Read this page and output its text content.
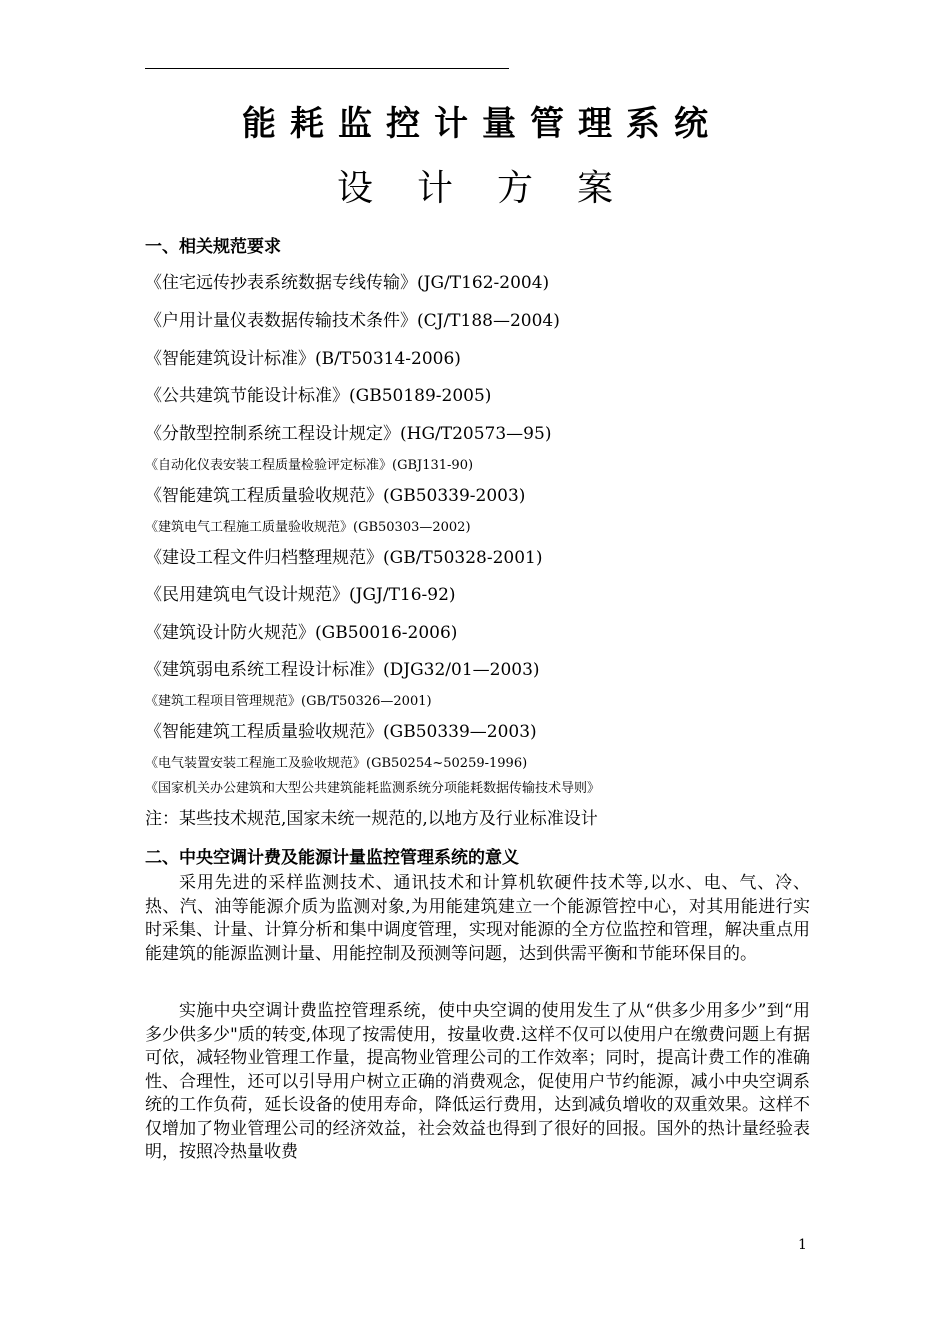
能耗监控计量管理系统
设计方案
一、相关规范要求
《住宅远传抄表系统数据专线传输》(JG/T162-2004)
《户用计量仪表数据传输技术条件》(CJ/T188—2004)
《智能建筑设计标准》(B/T50314-2006)
《公共建筑节能设计标准》(GB50189-2005)
《分散型控制系统工程设计规定》(HG/T20573—95)
《自动化仪表安装工程质量检验评定标准》(GBJ131-90)
《智能建筑工程质量验收规范》(GB50339-2003)
《建筑电气工程施工质量验收规范》(GB50303—2002)
《建设工程文件归档整理规范》(GB/T50328-2001)
《民用建筑电气设计规范》(JGJ/T16-92)
《建筑设计防火规范》(GB50016-2006)
《建筑弱电系统工程设计标准》(DJG32/01—2003)
《建筑工程项目管理规范》(GB/T50326—2001)
《智能建筑工程质量验收规范》(GB50339—2003)
《电气装置安装工程施工及验收规范》(GB50254~50259-1996)
《国家机关办公建筑和大型公共建筑能耗监测系统分项能耗数据传输技术导则》
注：某些技术规范,国家未统一规范的,以地方及行业标准设计
二、中央空调计费及能源计量监控管理系统的意义

采用先进的采样监测技术、通讯技术和计算机软硬件技术等,以水、电、气、冷、热、汽、油等能源介质为监测对象,为用能建筑建立一个能源管控中心，对其用能进行实时采集、计量、计算分析和集中调度管理，实现对能源的全方位监控和管理，解决重点用能建筑的能源监测计量、用能控制及预测等问题，达到供需平衡和节能环保目的。

实施中央空调计费监控管理系统，使中央空调的使用发生了从“供多少用多少”到“用多少供多少"质的转变,体现了按需使用，按量收费.这样不仅可以使用户在缴费问题上有据可依，减轻物业管理工作量，提高物业管理公司的工作效率；同时，提高计费工作的准确性、合理性，还可以引导用户树立正确的消费观念，促使用户节约能源，减小中央空调系统的工作负荷，延长设备的使用寿命，降低运行费用，达到减负增收的双重效果。这样不仅增加了物业管理公司的经济效益，社会效益也得到了很好的回报。国外的热计量经验表明，按照冷热量收费

1
